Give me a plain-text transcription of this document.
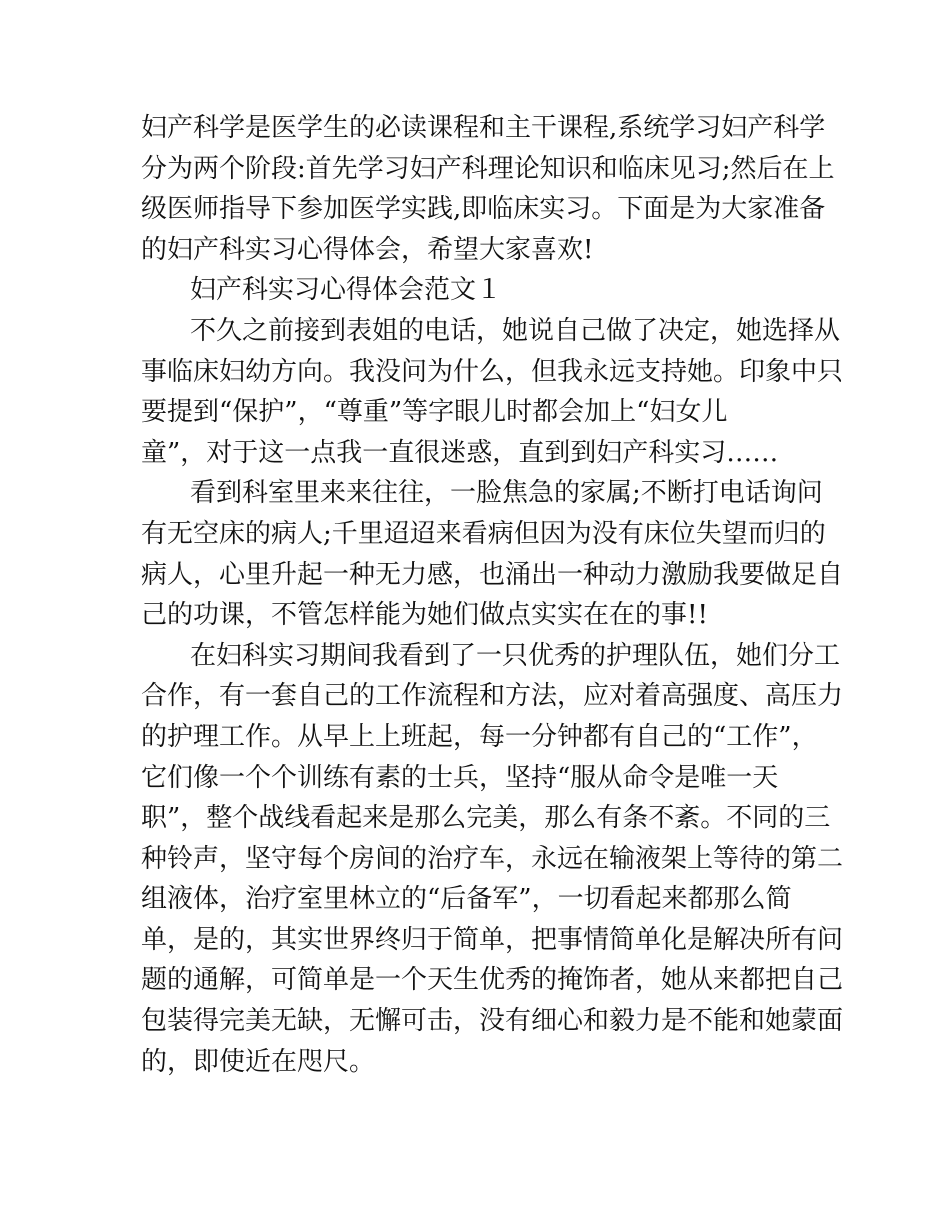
妇产科学是医学生的必读课程和主干课程,系统学习妇产科学
分为两个阶段:首先学习妇产科理论知识和临床见习;然后在上
级医师指导下参加医学实践,即临床实习。下面是为大家准备
的妇产科实习心得体会，希望大家喜欢!
妇产科实习心得体会范文１
不久之前接到表姐的电话，她说自己做了决定，她选择从
事临床妇幼方向。我没问为什么，但我永远支持她。印象中只
要提到“保护”，“尊重”等字眼儿时都会加上“妇女儿
童”，对于这一点我一直很迷惑，直到到妇产科实习……
看到科室里来来往往，一脸焦急的家属;不断打电话询问
有无空床的病人;千里迢迢来看病但因为没有床位失望而归的
病人，心里升起一种无力感，也涌出一种动力激励我要做足自
己的功课，不管怎样能为她们做点实实在在的事!!
在妇科实习期间我看到了一只优秀的护理队伍，她们分工
合作，有一套自己的工作流程和方法，应对着高强度、高压力
的护理工作。从早上上班起，每一分钟都有自己的“工作”，
它们像一个个训练有素的士兵，坚持“服从命令是唯一天
职”，整个战线看起来是那么完美，那么有条不紊。不同的三
种铃声，坚守每个房间的治疗车，永远在输液架上等待的第二
组液体，治疗室里林立的“后备军”，一切看起来都那么简
单，是的，其实世界终归于简单，把事情简单化是解决所有问
题的通解，可简单是一个天生优秀的掩饰者，她从来都把自己
包装得完美无缺，无懈可击，没有细心和毅力是不能和她蒙面
的，即使近在咫尺。
